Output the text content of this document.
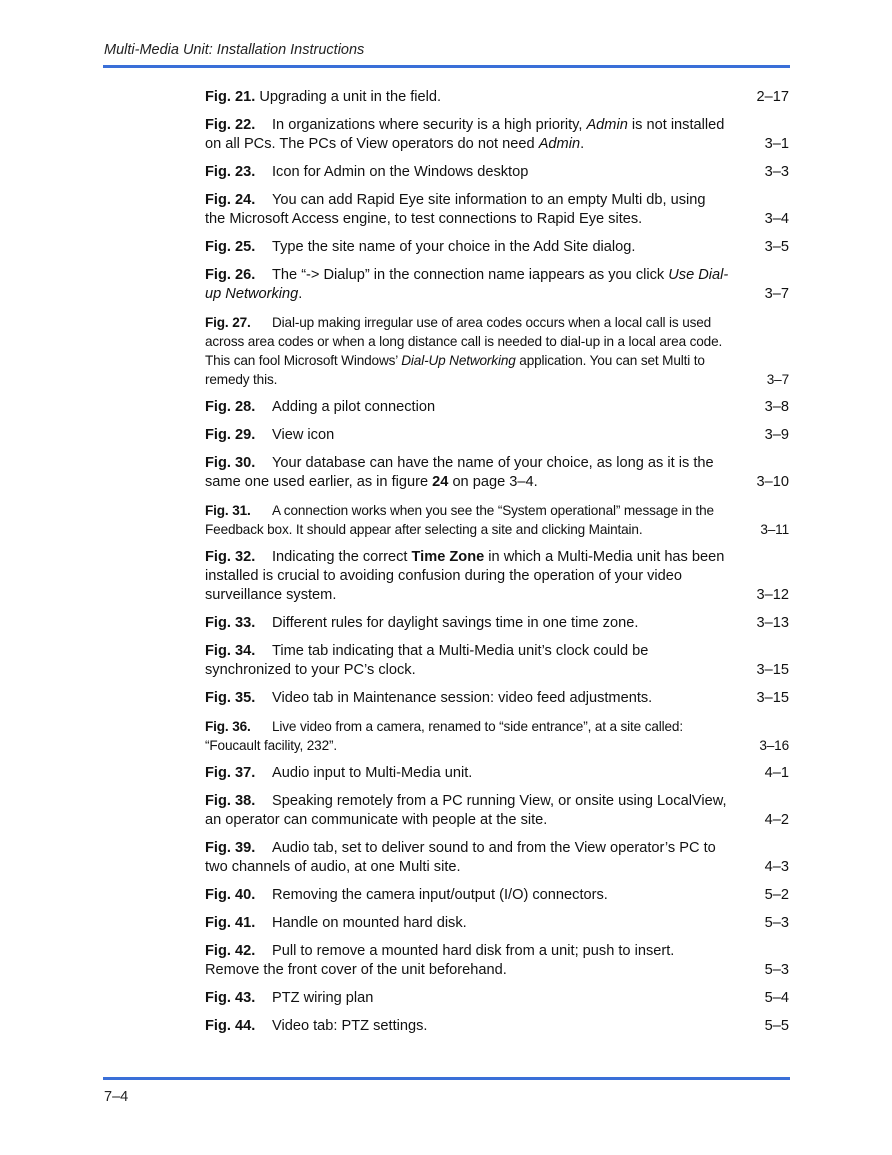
Multi-Media Unit: Installation Instructions
Fig. 21. Upgrading a unit in the field.	2–17
Fig. 22. In organizations where security is a high priority, Admin is not installed on all PCs. The PCs of View operators do not need Admin.	3–1
Fig. 23. Icon for Admin on the Windows desktop	3–3
Fig. 24. You can add Rapid Eye site information to an empty Multi db, using the Microsoft Access engine, to test connections to Rapid Eye sites.	3–4
Fig. 25. Type the site name of your choice in the Add Site dialog.	3–5
Fig. 26. The “-> Dialup” in the connection name iappears as you click Use Dial-up Networking.	3–7
Fig. 27. Dial-up making irregular use of area codes occurs when a local call is used across area codes or when a long distance call is needed to dial-up in a local area code. This can fool Microsoft Windows’ Dial-Up Networking application. You can set Multi to remedy this.	3–7
Fig. 28. Adding a pilot connection	3–8
Fig. 29. View icon	3–9
Fig. 30. Your database can have the name of your choice, as long as it is the same one used earlier, as in figure 24 on page 3–4.	3–10
Fig. 31. A connection works when you see the “System operational” message in the Feedback box. It should appear after selecting a site and clicking Maintain.	3–11
Fig. 32. Indicating the correct Time Zone in which a Multi-Media unit has been installed is crucial to avoiding confusion during the operation of your video surveillance system.	3–12
Fig. 33. Different rules for daylight savings time in one time zone.	3–13
Fig. 34. Time tab indicating that a Multi-Media unit’s clock could be synchronized to your PC’s clock.	3–15
Fig. 35. Video tab in Maintenance session: video feed adjustments.	3–15
Fig. 36. Live video from a camera, renamed to “side entrance”, at a site called: “Foucault facility, 232”.	3–16
Fig. 37. Audio input to Multi-Media unit.	4–1
Fig. 38. Speaking remotely from a PC running View, or onsite using LocalView, an operator can communicate with people at the site.	4–2
Fig. 39. Audio tab, set to deliver sound to and from the View operator’s PC to two channels of audio, at one Multi site.	4–3
Fig. 40. Removing the camera input/output (I/O) connectors.	5–2
Fig. 41. Handle on mounted hard disk.	5–3
Fig. 42. Pull to remove a mounted hard disk from a unit; push to insert. Remove the front cover of the unit beforehand.	5–3
Fig. 43. PTZ wiring plan	5–4
Fig. 44. Video tab: PTZ settings.	5–5
7–4
